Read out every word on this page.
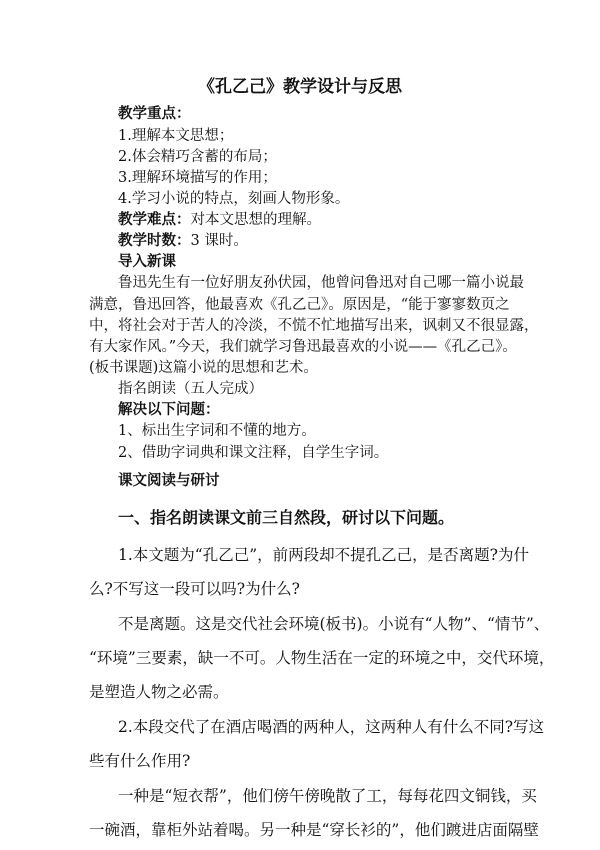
《孔乙己》教学设计与反思
教学重点：
1.理解本文思想；
2.体会精巧含蓄的布局；
3.理解环境描写的作用；
4.学习小说的特点，刻画人物形象。
教学难点：对本文思想的理解。
教学时数：3 课时。
导入新课
鲁迅先生有一位好朋友孙伏园，他曾问鲁迅对自己哪一篇小说最
满意，鲁迅回答，他最喜欢《孔乙己》。原因是，“能于寥寥数页之
中，将社会对于苦人的冷淡，不慌不忙地描写出来，讽刺又不很显露，
有大家作风。”今天，我们就学习鲁迅最喜欢的小说——《孔乙己》。
(板书课题)这篇小说的思想和艺术。
指名朗读（五人完成）
解决以下问题：
1、标出生字词和不懂的地方。
2、借助字词典和课文注释，自学生字词。
课文阅读与研讨
一、指名朗读课文前三自然段，研讨以下问题。
1.本文题为“孔乙己”，前两段却不提孔乙己，是否离题?为什
么?不写这一段可以吗?为什么?
不是离题。这是交代社会环境(板书)。小说有“人物”、“情节”、
“环境”三要素，缺一不可。人物生活在一定的环境之中，交代环境，
是塑造人物之必需。
2.本段交代了在酒店喝酒的两种人，这两种人有什么不同?写这
些有什么作用?
一种是“短衣帮”，他们傍午傍晚散了工，每每花四文铜钱，买
一碗酒，靠柜外站着喝。另一种是“穿长衫的”，他们踱进店面隔壁
